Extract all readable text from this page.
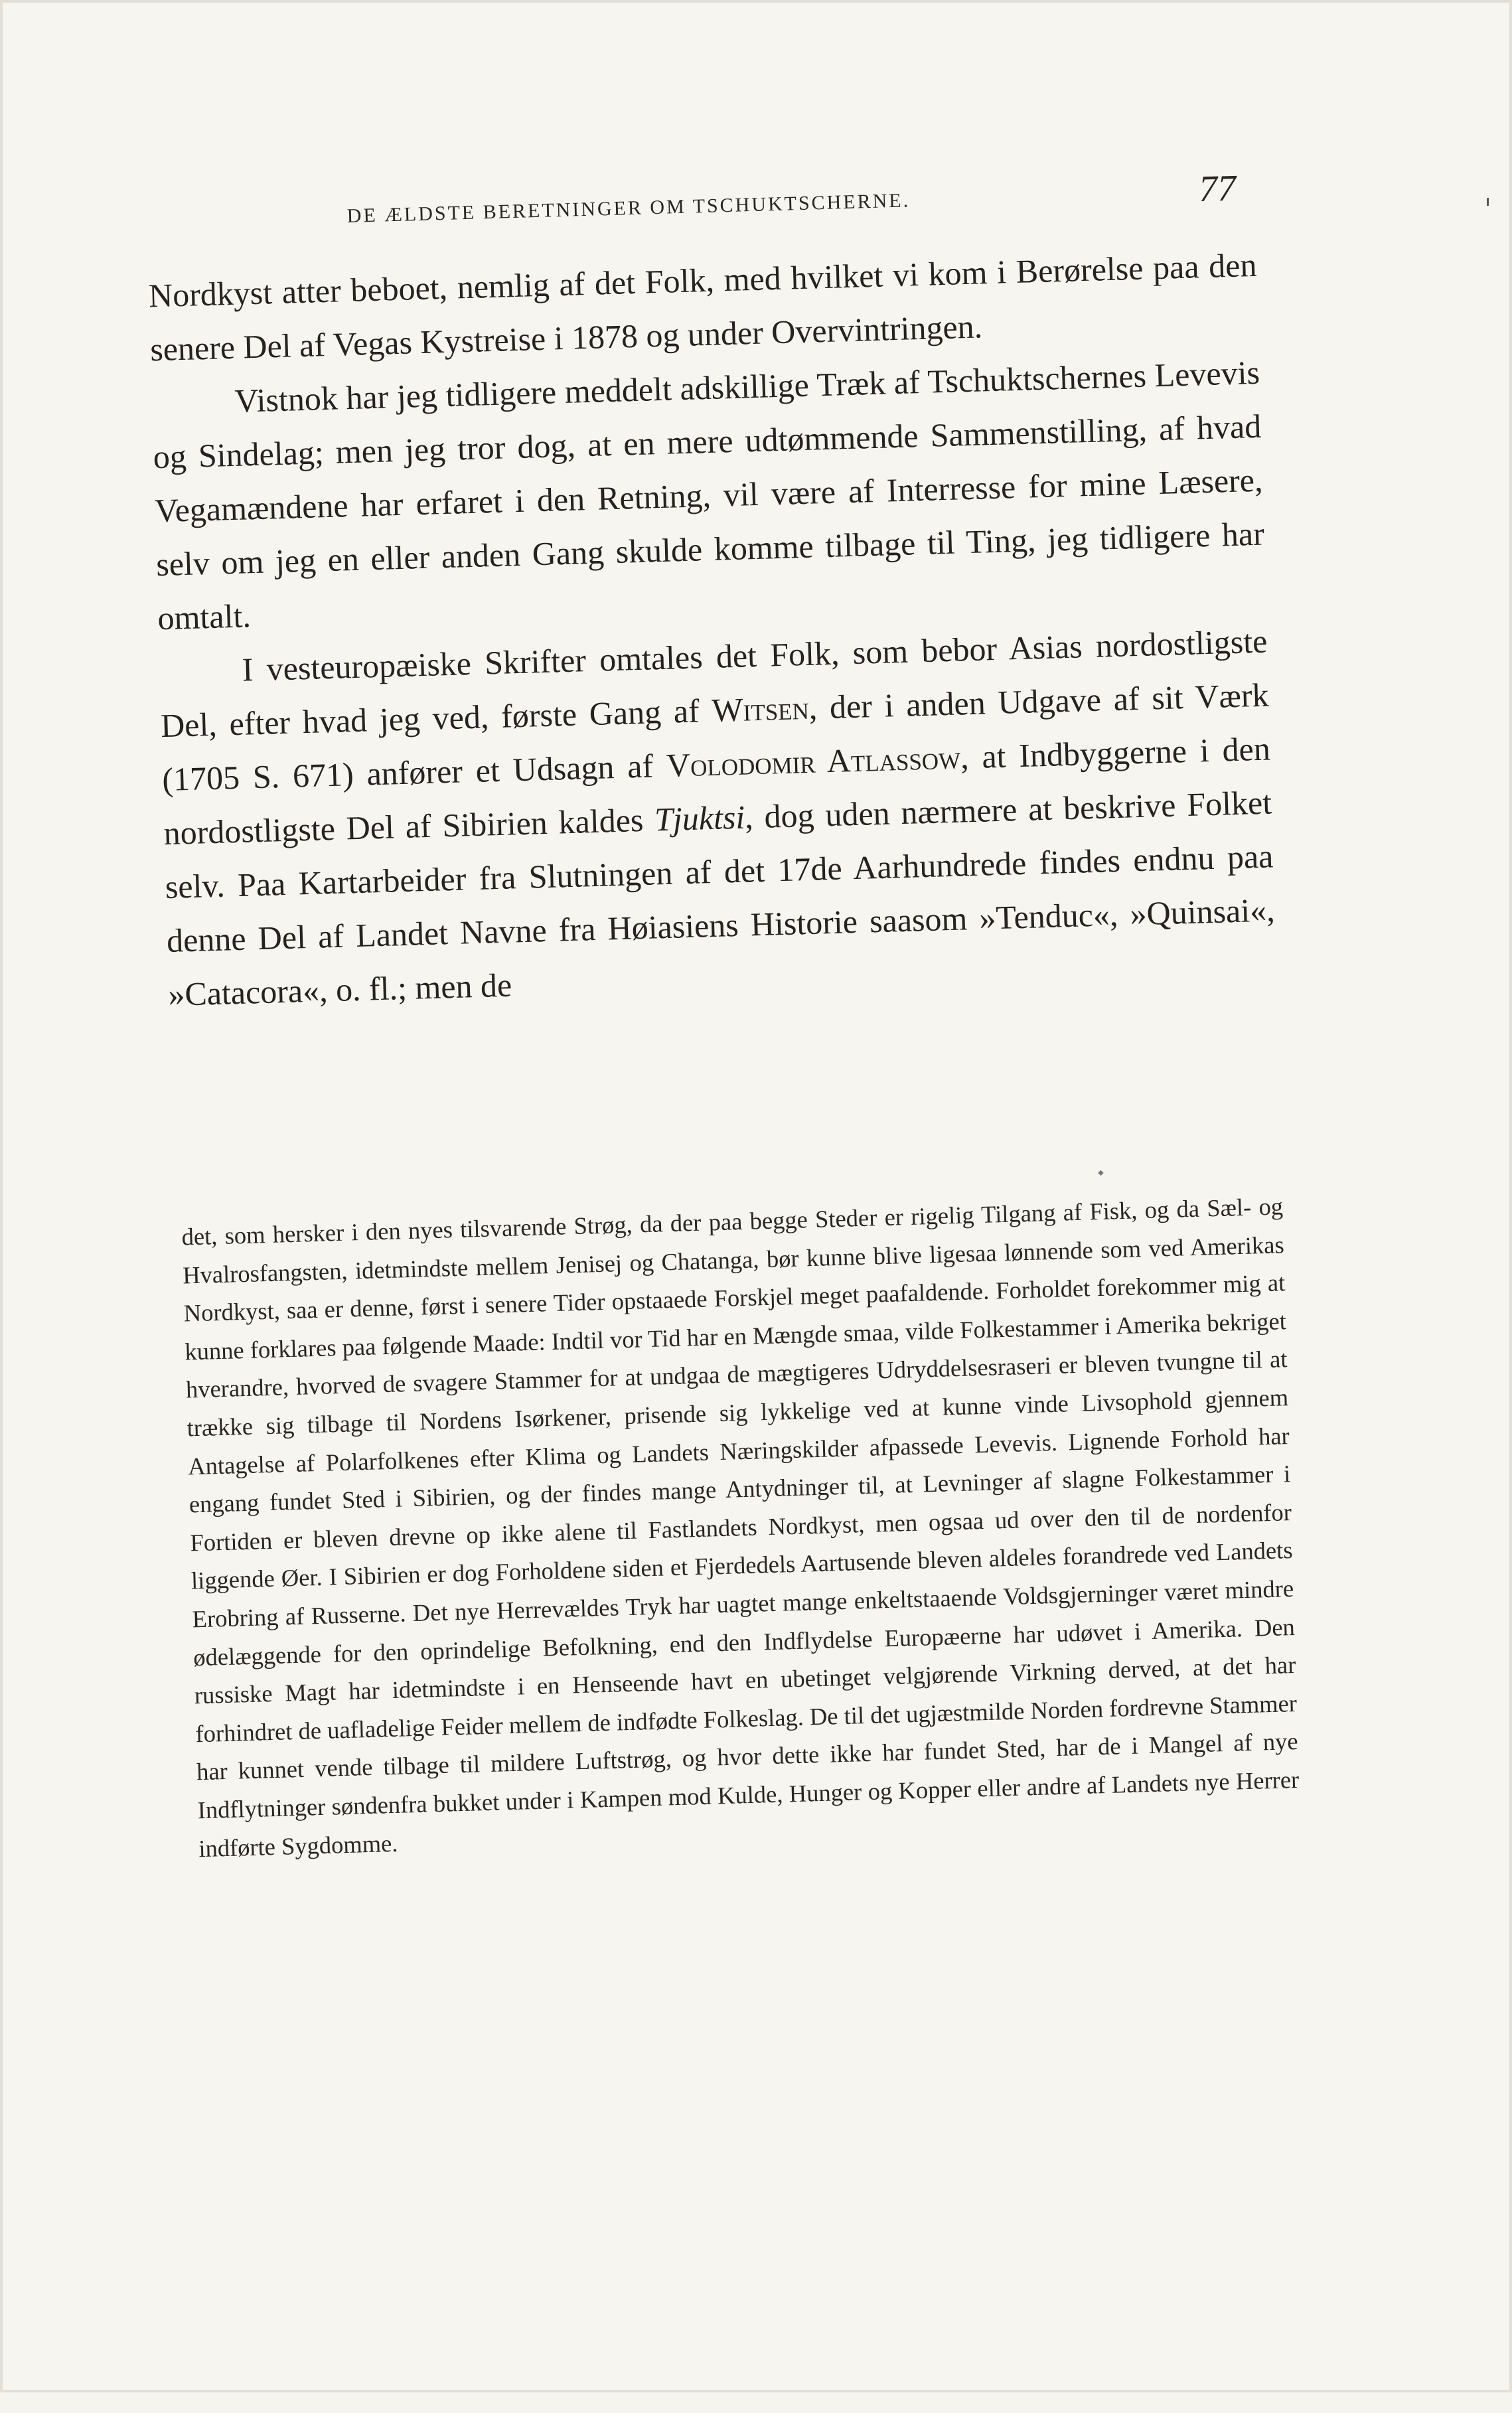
DE ÆLDSTE BERETNINGER OM TSCHUKTSCHERNE.	77

Nordkyst atter beboet, nemlig af det Folk, med hvilket vi kom i Berørelse paa den senere Del af Vegas Kystreise i 1878 og under Overvintringen.

Vistnok har jeg tidligere meddelt adskillige Træk af Tschuktschernes Levevis og Sindelag; men jeg tror dog, at en mere udtømmende Sammenstilling, af hvad Vegamændene har erfaret i den Retning, vil være af Interresse for mine Læsere, selv om jeg en eller anden Gang skulde komme tilbage til Ting, jeg tidligere har omtalt.

I vesteuropæiske Skrifter omtales det Folk, som bebor Asias nordostligste Del, efter hvad jeg ved, første Gang af Witsen, der i anden Udgave af sit Værk (1705 S. 671) anfører et Udsagn af Volodomir Atlassow, at Indbyggerne i den nordostligste Del af Sibirien kaldes Tjuktsi, dog uden nærmere at beskrive Folket selv. Paa Kartarbeider fra Slutningen af det 17de Aarhundrede findes endnu paa denne Del af Landet Navne fra Høiasiens Historie saasom »Tenduc«, »Quinsai«, »Catacora«, o. fl.; men de

det, som hersker i den nyes tilsvarende Strøg, da der paa begge Steder er rigelig Tilgang af Fisk, og da Sæl- og Hvalrosfangsten, idetmindste mellem Jenisej og Chatanga, bør kunne blive ligesaa lønnende som ved Amerikas Nordkyst, saa er denne, først i senere Tider opstaaede Forskjel meget paafaldende. Forholdet forekommer mig at kunne forklares paa følgende Maade: Indtil vor Tid har en Mængde smaa, vilde Folkestammer i Amerika bekriget hverandre, hvorved de svagere Stammer for at undgaa de mægtigeres Udryddelsesraseri er bleven tvungne til at trække sig tilbage til Nordens Isørkener, prisende sig lykkelige ved at kunne vinde Livsophold gjennem Antagelse af Polarfolkenes efter Klima og Landets Næringskilder afpassede Levevis. Lignende Forhold har engang fundet Sted i Sibirien, og der findes mange Antydninger til, at Levninger af slagne Folkestammer i Fortiden er bleven drevne op ikke alene til Fastlandets Nordkyst, men ogsaa ud over den til de nordenfor liggende Øer. I Sibirien er dog Forholdene siden et Fjerdedels Aartusende bleven aldeles forandrede ved Landets Erobring af Russerne. Det nye Herrevældes Tryk har uagtet mange enkeltstaaende Voldsgjerninger været mindre ødelæggende for den oprindelige Befolkning, end den Indflydelse Europæerne har udøvet i Amerika. Den russiske Magt har idetmindste i en Henseende havt en ubetinget velgjørende Virkning derved, at det har forhindret de uafladelige Feider mellem de indfødte Folkeslag. De til det ugjæstmilde Norden fordrevne Stammer har kunnet vende tilbage til mildere Luftstrøg, og hvor dette ikke har fundet Sted, har de i Mangel af nye Indflytninger søndenfra bukket under i Kampen mod Kulde, Hunger og Kopper eller andre af Landets nye Herrer indførte Sygdomme.
